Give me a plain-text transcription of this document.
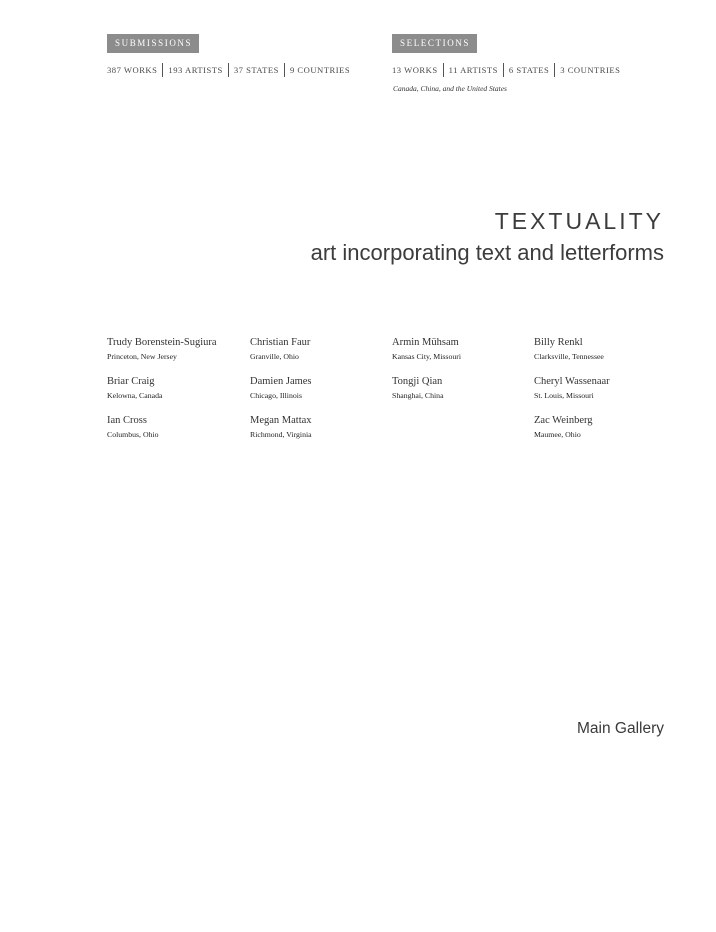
SUBMISSIONS
387 WORKS	193 ARTISTS	37 STATES	9 COUNTRIES
SELECTIONS
13 WORKS	11 ARTISTS	6 STATES	3 COUNTRIES
Canada, China, and the United States
TEXTUALITY
art incorporating text and letterforms
Trudy Borenstein-Sugiura
Princeton, New Jersey
Christian Faur
Granville, Ohio
Armin Mühsam
Kansas City, Missouri
Billy Renkl
Clarksville, Tennessee
Briar Craig
Kelowna, Canada
Damien James
Chicago, Illinois
Tongji Qian
Shanghai, China
Cheryl Wassenaar
St. Louis, Missouri
Ian Cross
Columbus, Ohio
Megan Mattax
Richmond, Virginia
Zac Weinberg
Maumee, Ohio
Main Gallery
